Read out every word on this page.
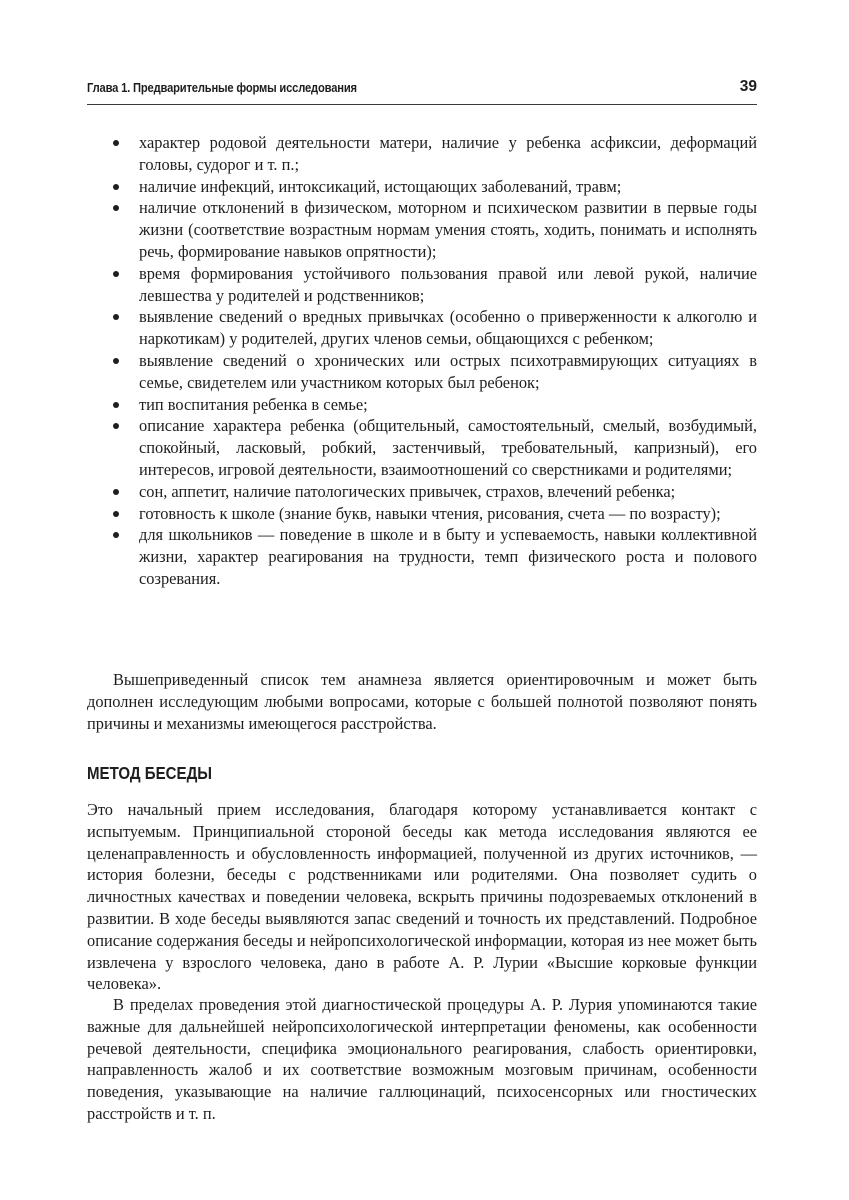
Глава 1. Предварительные формы исследования	39
характер родовой деятельности матери, наличие у ребенка асфиксии, деформаций головы, судорог и т. п.;
наличие инфекций, интоксикаций, истощающих заболеваний, травм;
наличие отклонений в физическом, моторном и психическом развитии в первые годы жизни (соответствие возрастным нормам умения стоять, ходить, понимать и исполнять речь, формирование навыков опрятности);
время формирования устойчивого пользования правой или левой рукой, наличие левшества у родителей и родственников;
выявление сведений о вредных привычках (особенно о приверженности к алкоголю и наркотикам) у родителей, других членов семьи, общающихся с ребенком;
выявление сведений о хронических или острых психотравмирующих ситуациях в семье, свидетелем или участником которых был ребенок;
тип воспитания ребенка в семье;
описание характера ребенка (общительный, самостоятельный, смелый, возбудимый, спокойный, ласковый, робкий, застенчивый, требовательный, капризный), его интересов, игровой деятельности, взаимоотношений со сверстниками и родителями;
сон, аппетит, наличие патологических привычек, страхов, влечений ребенка;
готовность к школе (знание букв, навыки чтения, рисования, счета — по возрасту);
для школьников — поведение в школе и в быту и успеваемость, навыки коллективной жизни, характер реагирования на трудности, темп физического роста и полового созревания.

Вышеприведенный список тем анамнеза является ориентировочным и может быть дополнен исследующим любыми вопросами, которые с большей полнотой позволяют понять причины и механизмы имеющегося расстройства.

МЕТОД БЕСЕДЫ

Это начальный прием исследования, благодаря которому устанавливается контакт с испытуемым. Принципиальной стороной беседы как метода исследования являются ее целенаправленность и обусловленность информацией, полученной из других источников, — история болезни, беседы с родственниками или родителями. Она позволяет судить о личностных качествах и поведении человека, вскрыть причины подозреваемых отклонений в развитии. В ходе беседы выявляются запас сведений и точность их представлений. Подробное описание содержания беседы и нейропсихологической информации, которая из нее может быть извлечена у взрослого человека, дано в работе А. Р. Лурии «Высшие корковые функции человека».

В пределах проведения этой диагностической процедуры А. Р. Лурия упоминаются такие важные для дальнейшей нейропсихологической интерпретации феномены, как особенности речевой деятельности, специфика эмоционального реагирования, слабость ориентировки, направленность жалоб и их соответствие возможным мозговым причинам, особенности поведения, указывающие на наличие галлюцинаций, психосенсорных или гностических расстройств и т. п.
